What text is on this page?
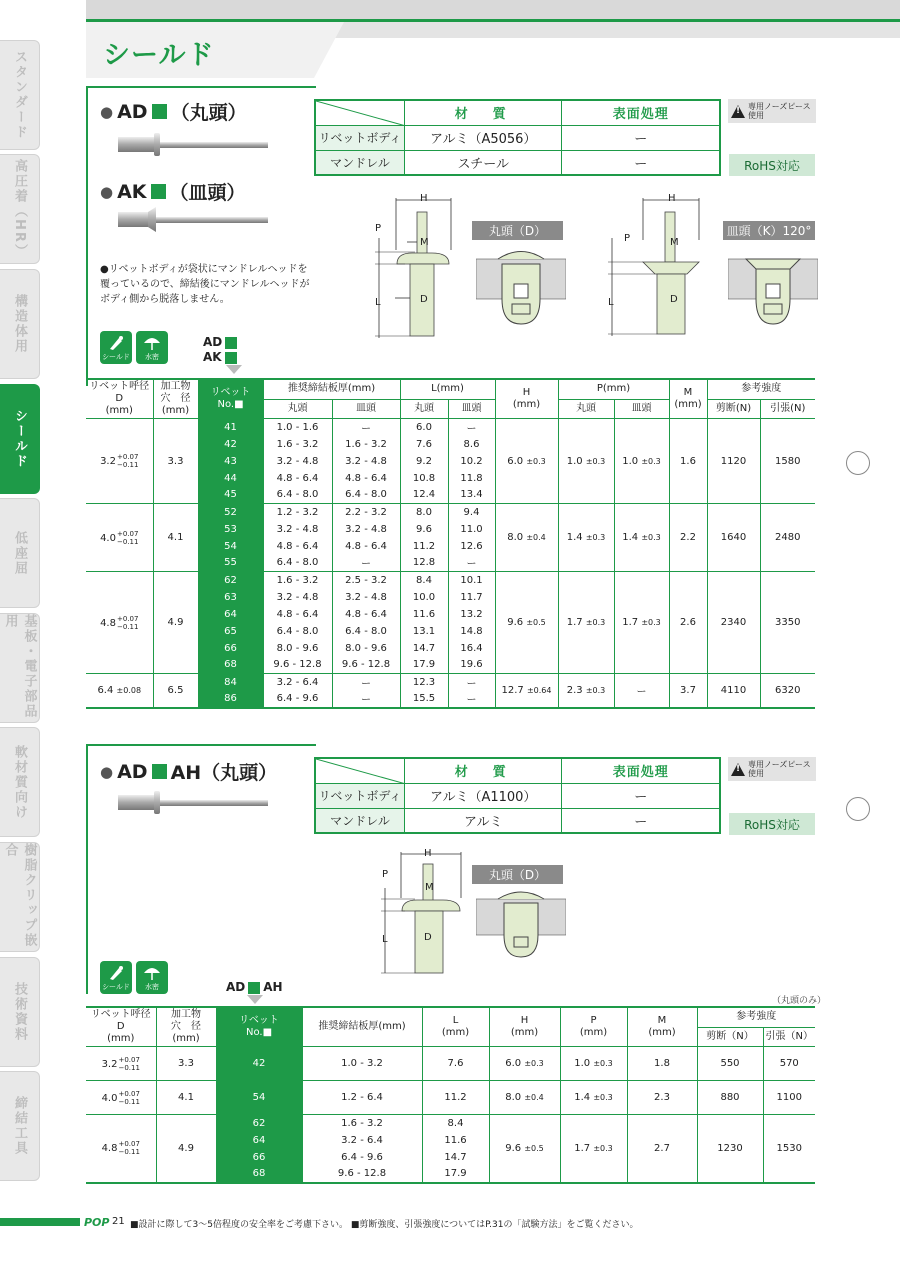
シールド
スタンダード
高圧着（HR）
構造体用
シールド
低座屈
基板・電子部品用
軟材質向け
樹脂クリップ嵌合
技術資料
締結工具
● AD （丸頭）
● AK （皿頭）
●リベットボディが袋状にマンドレルヘッドを覆っているので、締結後にマンドレルヘッドがボディ側から脱落しません。
シールド 水密
AD
AK
	材　質	表面処理
リベットボディ	アルミ（A5056）	ー
マンドレル	スチール	ー
!
専用ノーズピース使用
RoHS対応
H
P
M
L	D
丸頭（D）
H
P	M
L	D
皿頭（K）120°
リベット呼径
D
(mm)	加工物
穴　径
(mm)	リベット
No.■	推奨締結板厚(mm)		L(mm)		H
(mm)	P(mm)		M
(mm)	参考強度	
			丸頭	皿頭	丸頭	皿頭		丸頭	皿頭		剪断(N)	引張(N)
3.2 +0.07
−0.11	3.3	41	1.0 - 1.6	ー	6.0	ー	6.0 ±0.3	1.0 ±0.3	1.0 ±0.3	1.6	1120	1580
		42	1.6 - 3.2	1.6 - 3.2	7.6	8.6						
		43	3.2 - 4.8	3.2 - 4.8	9.2	10.2						
		44	4.8 - 6.4	4.8 - 6.4	10.8	11.8						
		45	6.4 - 8.0	6.4 - 8.0	12.4	13.4						
4.0 +0.07
−0.11	4.1	52	1.2 - 3.2	2.2 - 3.2	8.0	9.4	8.0 ±0.4	1.4 ±0.3	1.4 ±0.3	2.2	1640	2480
		53	3.2 - 4.8	3.2 - 4.8	9.6	11.0						
		54	4.8 - 6.4	4.8 - 6.4	11.2	12.6						
		55	6.4 - 8.0	ー	12.8	ー						
4.8 +0.07
−0.11	4.9	62	1.6 - 3.2	2.5 - 3.2	8.4	10.1	9.6 ±0.5	1.7 ±0.3	1.7 ±0.3	2.6	2340	3350
		63	3.2 - 4.8	3.2 - 4.8	10.0	11.7						
		64	4.8 - 6.4	4.8 - 6.4	11.6	13.2						
		65	6.4 - 8.0	6.4 - 8.0	13.1	14.8						
		66	8.0 - 9.6	8.0 - 9.6	14.7	16.4						
		68	9.6 - 12.8	9.6 - 12.8	17.9	19.6						
6.4 ±0.08	6.5	84	3.2 - 6.4	ー	12.3	ー	12.7 ±0.64	2.3 ±0.3	ー	3.7	4110	6320
		86	6.4 - 9.6	ー	15.5	ー						
● AD AH（丸頭）
		材　質	表面処理
リベットボディ	アルミ（A1100）	ー
マンドレル	アルミ	ー
!
専用ノーズピース使用
RoHS対応
H
P
M
L	D
丸頭（D）
シールド 水密	AD AH
（丸頭のみ）
リベット呼径
D
(mm)	加工物
穴　径
(mm)	リベット
No.■	推奨締結板厚(mm)	L
(mm)	H
(mm)	P
(mm)	M
(mm)	参考強度	
								剪断（N）	引張（N）
3.2 +0.07
−0.11	3.3	42	1.0 - 3.2	7.6	6.0 ±0.3	1.0 ±0.3	1.8	550	570
4.0 +0.07
−0.11	4.1	54	1.2 - 6.4	11.2	8.0 ±0.4	1.4 ±0.3	2.3	880	1100
4.8 +0.07
−0.11	4.9	62	1.6 - 3.2	8.4	9.6 ±0.5	1.7 ±0.3	2.7	1230	1530
		64	3.2 - 6.4	11.6					
		66	6.4 - 9.6	14.7					
		68	9.6 - 12.8	17.9					
POP 21 ■設計に際して3～5倍程度の安全率をご考慮下さい。 ■剪断強度、引張強度についてはP.31の「試験方法」をご覧ください。
